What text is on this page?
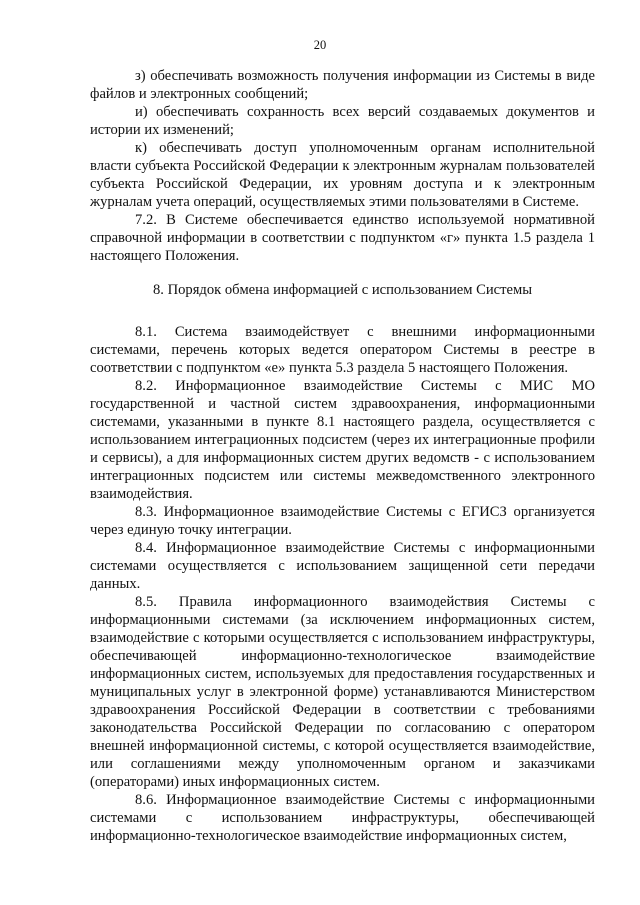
20

з) обеспечивать возможность получения информации из Системы в виде файлов и электронных сообщений;

и) обеспечивать сохранность всех версий создаваемых документов и истории их изменений;

к) обеспечивать доступ уполномоченным органам исполнительной власти субъекта Российской Федерации к электронным журналам пользователей субъекта Российской Федерации, их уровням доступа и к электронным журналам учета операций, осуществляемых этими пользователями в Системе.

7.2. В Системе обеспечивается единство используемой нормативной справочной информации в соответствии с подпунктом «г» пункта 1.5 раздела 1 настоящего Положения.

8. Порядок обмена информацией с использованием Системы

8.1. Система взаимодействует с внешними информационными системами, перечень которых ведется оператором Системы в реестре в соответствии с подпунктом «е» пункта 5.3 раздела 5 настоящего Положения.

8.2. Информационное взаимодействие Системы с МИС МО государственной и частной систем здравоохранения, информационными системами, указанными в пункте 8.1 настоящего раздела, осуществляется с использованием интеграционных подсистем (через их интеграционные профили и сервисы), а для информационных систем других ведомств - с использованием интеграционных подсистем или системы межведомственного электронного взаимодействия.

8.3. Информационное взаимодействие Системы с ЕГИСЗ организуется через единую точку интеграции.

8.4. Информационное взаимодействие Системы с информационными системами осуществляется с использованием защищенной сети передачи данных.

8.5. Правила информационного взаимодействия Системы с информационными системами (за исключением информационных систем, взаимодействие с которыми осуществляется с использованием инфраструктуры, обеспечивающей информационно-технологическое взаимодействие информационных систем, используемых для предоставления государственных и муниципальных услуг в электронной форме) устанавливаются Министерством здравоохранения Российской Федерации в соответствии с требованиями законодательства Российской Федерации по согласованию с оператором внешней информационной системы, с которой осуществляется взаимодействие, или соглашениями между уполномоченным органом и заказчиками (операторами) иных информационных систем.

8.6. Информационное взаимодействие Системы с информационными системами с использованием инфраструктуры, обеспечивающей информационно-технологическое взаимодействие информационных систем,
